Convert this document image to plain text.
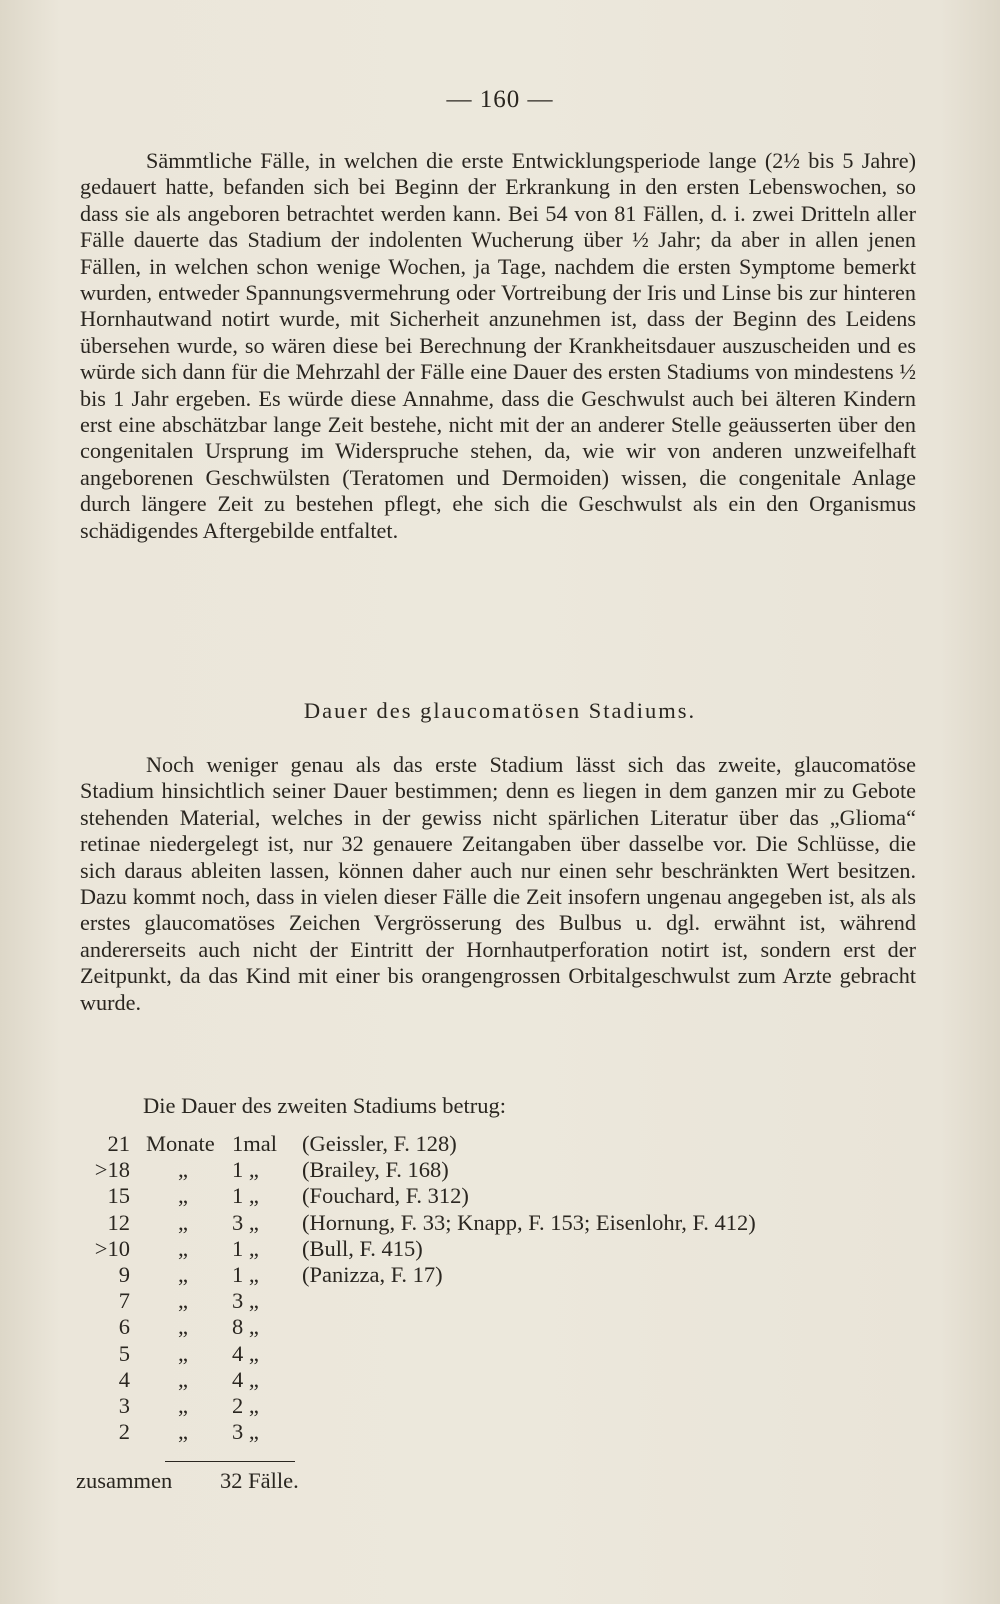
— 160 —

Sämmtliche Fälle, in welchen die erste Entwicklungsperiode lange (2½ bis 5 Jahre) gedauert hatte, befanden sich bei Beginn der Erkrankung in den ersten Lebenswochen, so dass sie als angeboren betrachtet werden kann. Bei 54 von 81 Fällen, d. i. zwei Dritteln aller Fälle dauerte das Stadium der indolenten Wucherung über ½ Jahr; da aber in allen jenen Fällen, in welchen schon wenige Wochen, ja Tage, nachdem die ersten Symptome bemerkt wurden, entweder Spannungsvermehrung oder Vortreibung der Iris und Linse bis zur hinteren Hornhautwand notirt wurde, mit Sicherheit anzunehmen ist, dass der Beginn des Leidens übersehen wurde, so wären diese bei Berechnung der Krankheitsdauer auszuscheiden und es würde sich dann für die Mehrzahl der Fälle eine Dauer des ersten Stadiums von mindestens ½ bis 1 Jahr ergeben. Es würde diese Annahme, dass die Geschwulst auch bei älteren Kindern erst eine abschätzbar lange Zeit bestehe, nicht mit der an anderer Stelle geäusserten über den congenitalen Ursprung im Widerspruche stehen, da, wie wir von anderen unzweifelhaft angeborenen Geschwülsten (Teratomen und Dermoiden) wissen, die congenitale Anlage durch längere Zeit zu bestehen pflegt, ehe sich die Geschwulst als ein den Organismus schädigendes Aftergebilde entfaltet.

Dauer des glaucomatösen Stadiums.

Noch weniger genau als das erste Stadium lässt sich das zweite, glaucomatöse Stadium hinsichtlich seiner Dauer bestimmen; denn es liegen in dem ganzen mir zu Gebote stehenden Material, welches in der gewiss nicht spärlichen Literatur über das „Glioma“ retinae niedergelegt ist, nur 32 genauere Zeitangaben über dasselbe vor. Die Schlüsse, die sich daraus ableiten lassen, können daher auch nur einen sehr beschränkten Wert besitzen. Dazu kommt noch, dass in vielen dieser Fälle die Zeit insofern ungenau angegeben ist, als als erstes glaucomatöses Zeichen Vergrösserung des Bulbus u. dgl. erwähnt ist, während andererseits auch nicht der Eintritt der Hornhautperforation notirt ist, sondern erst der Zeitpunkt, da das Kind mit einer bis orangengrossen Orbitalgeschwulst zum Arzte gebracht wurde.

Die Dauer des zweiten Stadiums betrug:
21 Monate 1mal	(Geissler, F. 128)
>18 „	1 „	(Brailey, F. 168)
15 „	1 „	(Fouchard, F. 312)
12 „	3 „	(Hornung, F. 33; Knapp, F. 153; Eisenlohr, F. 412)
>10 „	1 „	(Bull, F. 415)
9 „	1 „	(Panizza, F. 17)
7 „	3 „
6 „	8 „
5 „	4 „
4 „	4 „
3 „	2 „
2 „	3 „
zusammen 32 Fälle.
